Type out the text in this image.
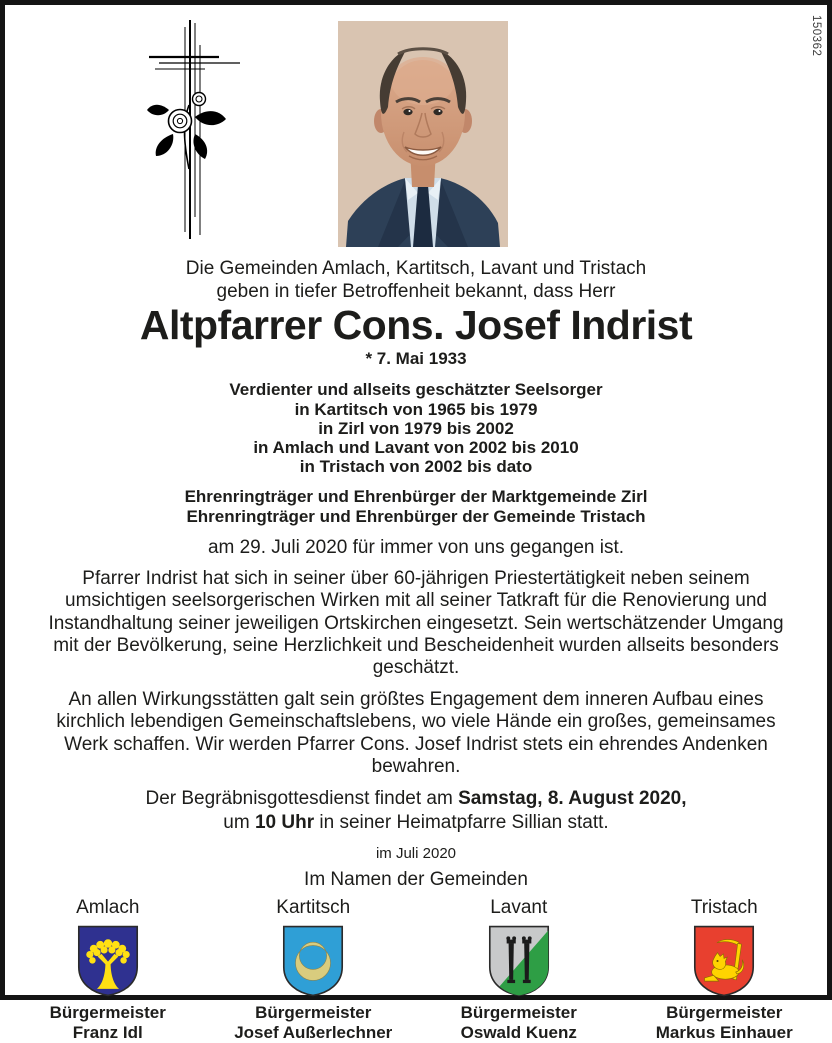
150362
Die Gemeinden Amlach, Kartitsch, Lavant und Tristach
geben in tiefer Betroffenheit bekannt, dass Herr
Altpfarrer Cons. Josef Indrist
* 7. Mai 1933
Verdienter und allseits geschätzter Seelsorger
in Kartitsch von 1965 bis 1979
in Zirl von 1979 bis 2002
in Amlach und Lavant von 2002 bis 2010
in Tristach von 2002 bis dato
Ehrenringträger und Ehrenbürger der Marktgemeinde Zirl
Ehrenringträger und Ehrenbürger der Gemeinde Tristach
am 29. Juli 2020 für immer von uns gegangen ist.
Pfarrer Indrist hat sich in seiner über 60-jährigen Priestertätigkeit neben seinem umsichtigen seelsorgerischen Wirken mit all seiner Tatkraft für die Renovierung und Instandhaltung seiner jeweiligen Ortskirchen eingesetzt. Sein wertschätzender Umgang mit der Bevölkerung, seine Herzlichkeit und Bescheidenheit wurden allseits besonders geschätzt.
An allen Wirkungsstätten galt sein größtes Engagement dem inneren Aufbau eines kirchlich lebendigen Gemeinschaftslebens, wo viele Hände ein großes, gemeinsames Werk schaffen. Wir werden Pfarrer Cons. Josef Indrist stets ein ehrendes Andenken bewahren.
Der Begräbnisgottesdienst findet am Samstag, 8. August 2020,
um 10 Uhr in seiner Heimatpfarre Sillian statt.
im Juli 2020
Im Namen der Gemeinden
Amlach
Bürgermeister
Franz Idl
Kartitsch
Bürgermeister
Josef Außerlechner
Lavant
Bürgermeister
Oswald Kuenz
Tristach
Bürgermeister
Markus Einhauer
